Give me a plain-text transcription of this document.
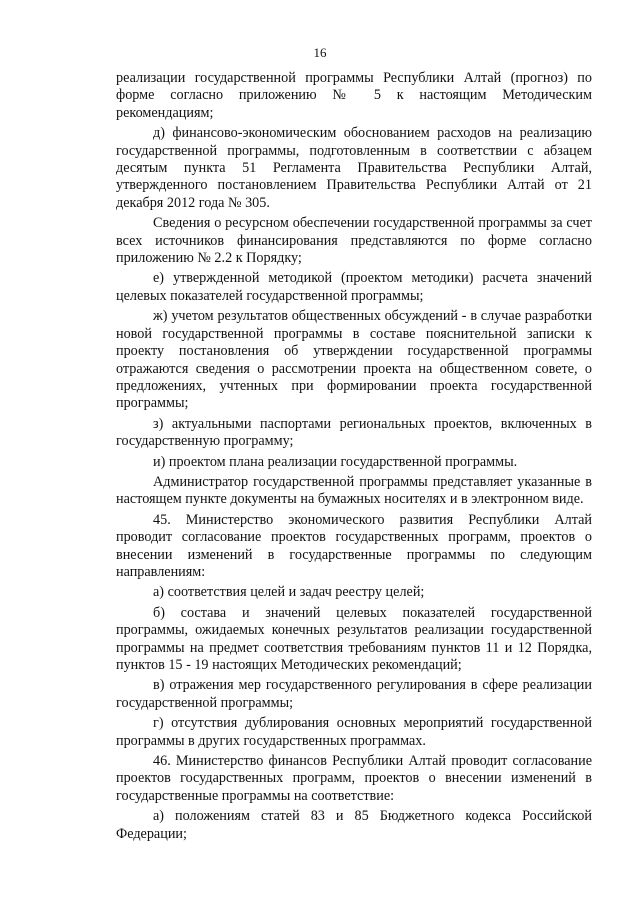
16

реализации государственной программы Республики Алтай (прогноз) по форме согласно приложению № 5 к настоящим Методическим рекомендациям;

д) финансово-экономическим обоснованием расходов на реализацию государственной программы, подготовленным в соответствии с абзацем десятым пункта 51 Регламента Правительства Республики Алтай, утвержденного постановлением Правительства Республики Алтай от 21 декабря 2012 года № 305.

Сведения о ресурсном обеспечении государственной программы за счет всех источников финансирования представляются по форме согласно приложению № 2.2 к Порядку;

е) утвержденной методикой (проектом методики) расчета значений целевых показателей государственной программы;

ж) учетом результатов общественных обсуждений - в случае разработки новой государственной программы в составе пояснительной записки к проекту постановления об утверждении государственной программы отражаются сведения о рассмотрении проекта на общественном совете, о предложениях, учтенных при формировании проекта государственной программы;

з) актуальными паспортами региональных проектов, включенных в государственную программу;

и) проектом плана реализации государственной программы.

Администратор государственной программы представляет указанные в настоящем пункте документы на бумажных носителях и в электронном виде.

45. Министерство экономического развития Республики Алтай проводит согласование проектов государственных программ, проектов о внесении изменений в государственные программы по следующим направлениям:

а) соответствия целей и задач реестру целей;

б) состава и значений целевых показателей государственной программы, ожидаемых конечных результатов реализации государственной программы на предмет соответствия требованиям пунктов 11 и 12 Порядка, пунктов 15 - 19 настоящих Методических рекомендаций;

в) отражения мер государственного регулирования в сфере реализации государственной программы;

г) отсутствия дублирования основных мероприятий государственной программы в других государственных программах.

46. Министерство финансов Республики Алтай проводит согласование проектов государственных программ, проектов о внесении изменений в государственные программы на соответствие:

а) положениям статей 83 и 85 Бюджетного кодекса Российской Федерации;
